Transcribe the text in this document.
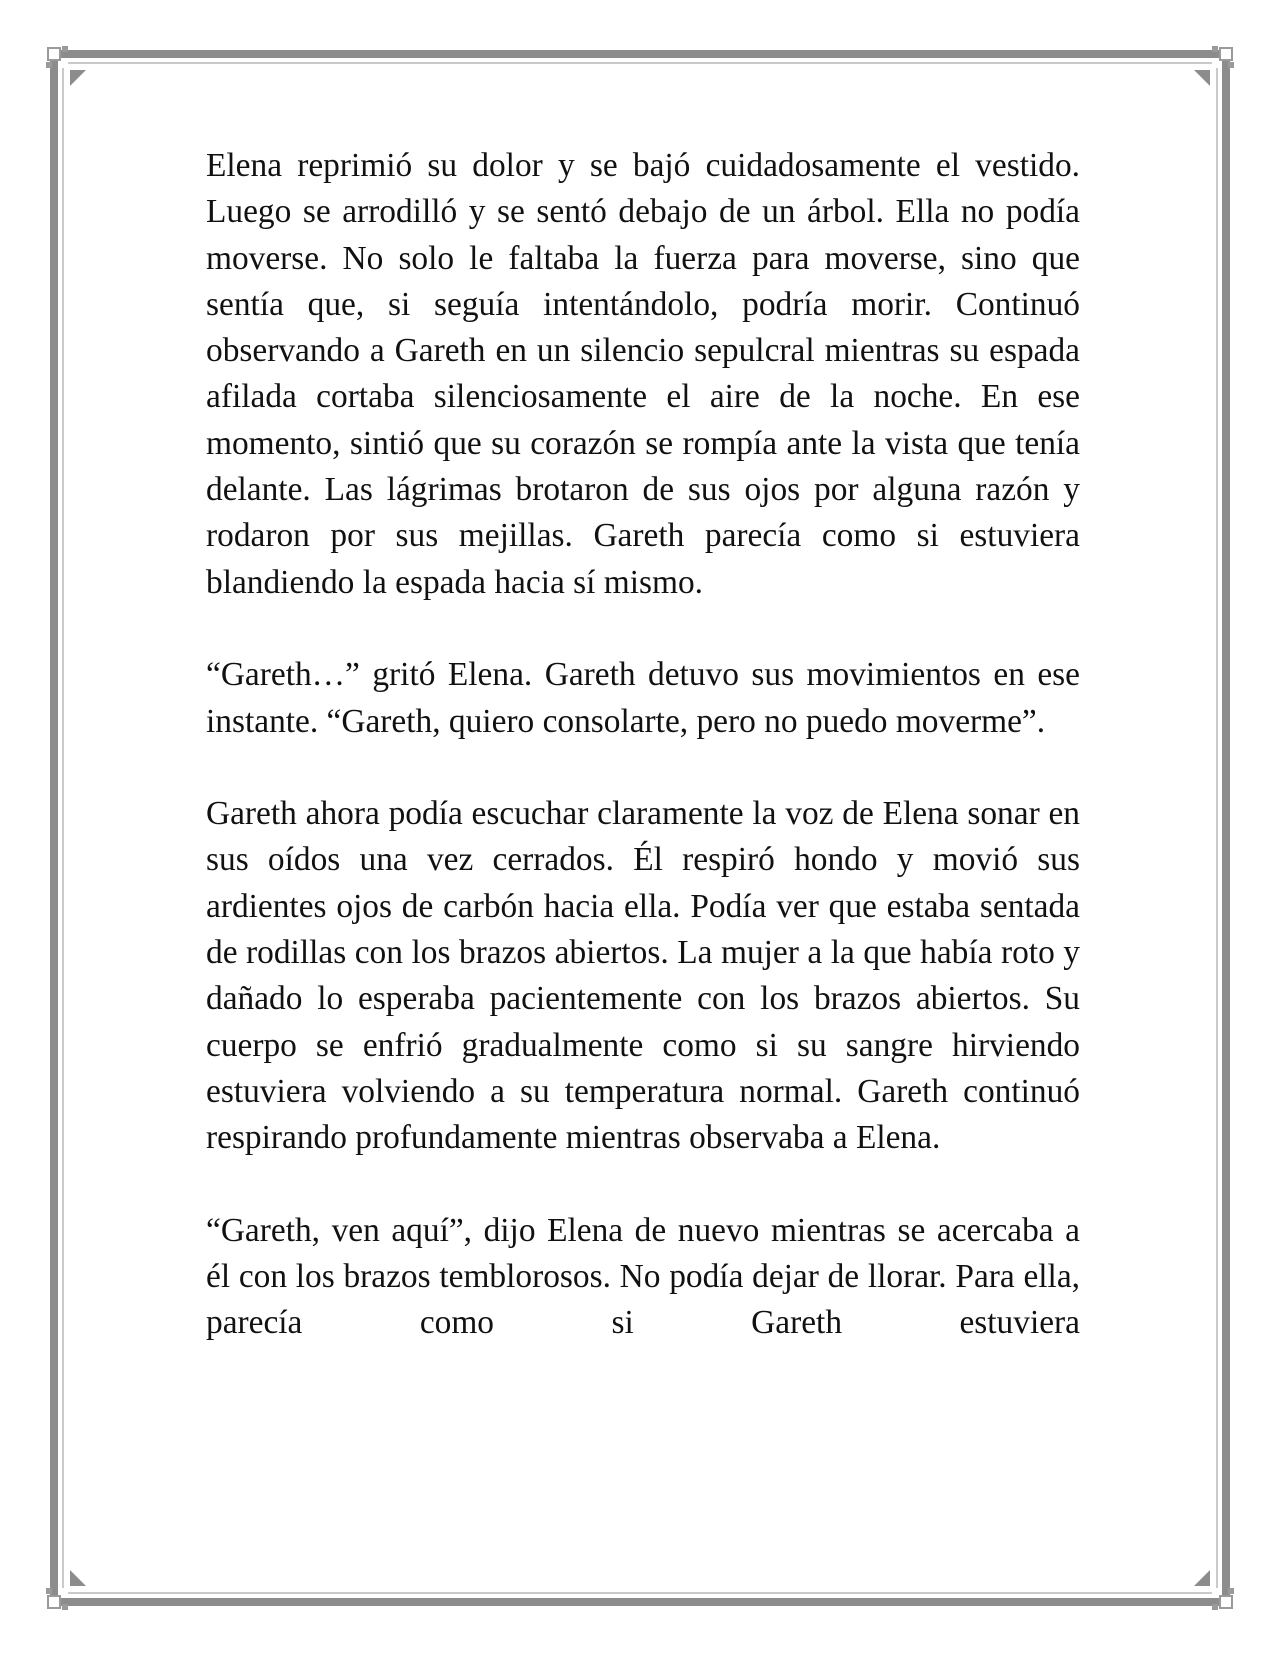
Elena reprimió su dolor y se bajó cuidadosamente el vestido. Luego se arrodilló y se sentó debajo de un árbol. Ella no podía moverse. No solo le faltaba la fuerza para moverse, sino que sentía que, si seguía intentándolo, podría morir. Continuó observando a Gareth en un silencio sepulcral mientras su espada afilada cortaba silenciosamente el aire de la noche. En ese momento, sintió que su corazón se rompía ante la vista que tenía delante. Las lágrimas brotaron de sus ojos por alguna razón y rodaron por sus mejillas. Gareth parecía como si estuviera blandiendo la espada hacia sí mismo.

“Gareth…” gritó Elena. Gareth detuvo sus movimientos en ese instante. “Gareth, quiero consolarte, pero no puedo moverme”.

Gareth ahora podía escuchar claramente la voz de Elena sonar en sus oídos una vez cerrados. Él respiró hondo y movió sus ardientes ojos de carbón hacia ella. Podía ver que estaba sentada de rodillas con los brazos abiertos. La mujer a la que había roto y dañado lo esperaba pacientemente con los brazos abiertos. Su cuerpo se enfrió gradualmente como si su sangre hirviendo estuviera volviendo a su temperatura normal. Gareth continuó respirando profundamente mientras observaba a Elena.

“Gareth, ven aquí”, dijo Elena de nuevo mientras se acercaba a él con los brazos temblorosos. No podía dejar de llorar. Para ella, parecía como si Gareth estuviera
